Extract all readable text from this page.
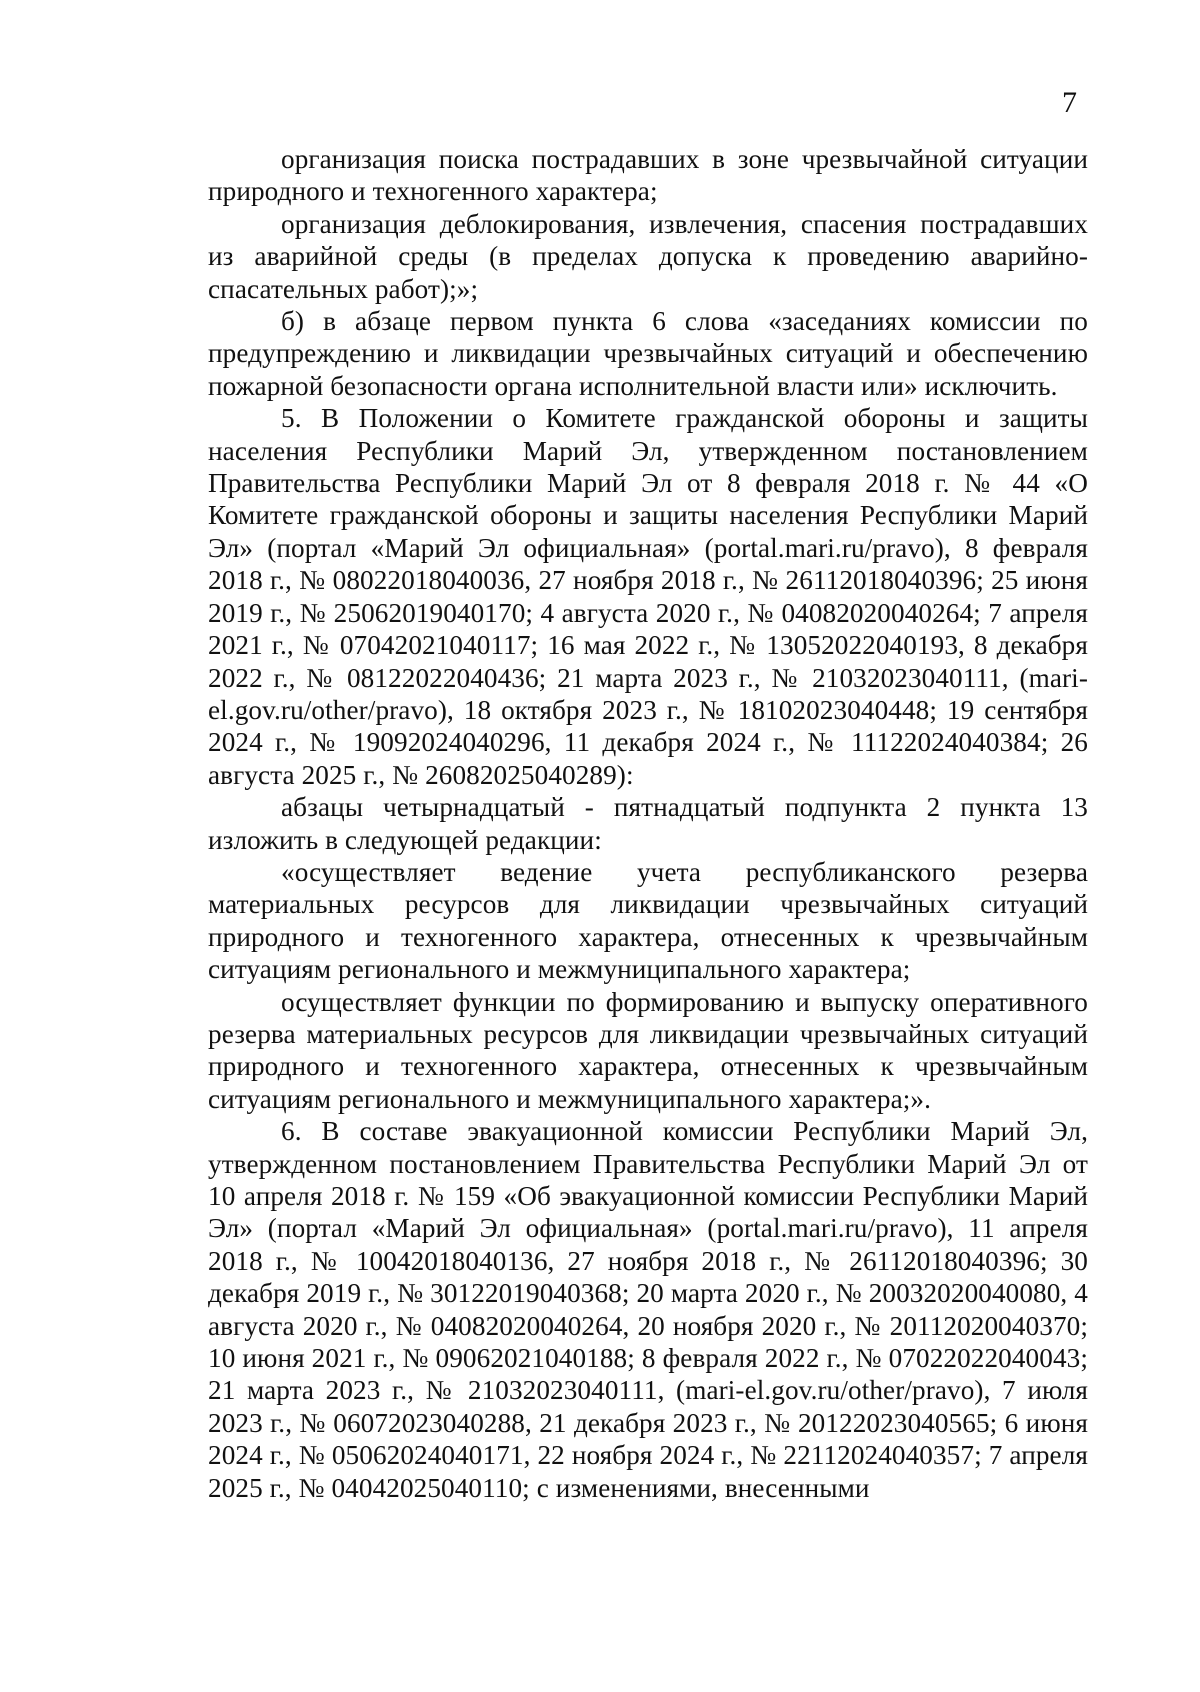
7

организация поиска пострадавших в зоне чрезвычайной ситуации природного и техногенного характера;

организация деблокирования, извлечения, спасения пострадавших из аварийной среды (в пределах допуска к проведению аварийно-спасательных работ);»;

б) в абзаце первом пункта 6 слова «заседаниях комиссии по предупреждению и ликвидации чрезвычайных ситуаций и обеспечению пожарной безопасности органа исполнительной власти или» исключить.

5. В Положении о Комитете гражданской обороны и защиты населения Республики Марий Эл, утвержденном постановлением Правительства Республики Марий Эл от 8 февраля 2018 г. № 44 «О Комитете гражданской обороны и защиты населения Республики Марий Эл» (портал «Марий Эл официальная» (portal.mari.ru/pravo), 8 февраля 2018 г., № 08022018040036, 27 ноября 2018 г., № 26112018040396; 25 июня 2019 г., № 25062019040170; 4 августа 2020 г., № 04082020040264; 7 апреля 2021 г., № 07042021040117; 16 мая 2022 г., № 13052022040193, 8 декабря 2022 г., № 08122022040436; 21 марта 2023 г., № 21032023040111, (mari-el.gov.ru/other/pravo), 18 октября 2023 г., № 18102023040448; 19 сентября 2024 г., № 19092024040296, 11 декабря 2024 г., № 11122024040384; 26 августа 2025 г., № 26082025040289):

абзацы четырнадцатый - пятнадцатый подпункта 2 пункта 13 изложить в следующей редакции:

«осуществляет ведение учета республиканского резерва материальных ресурсов для ликвидации чрезвычайных ситуаций природного и техногенного характера, отнесенных к чрезвычайным ситуациям регионального и межмуниципального характера;

осуществляет функции по формированию и выпуску оперативного резерва материальных ресурсов для ликвидации чрезвычайных ситуаций природного и техногенного характера, отнесенных к чрезвычайным ситуациям регионального и межмуниципального характера;».

6. В составе эвакуационной комиссии Республики Марий Эл, утвержденном постановлением Правительства Республики Марий Эл от 10 апреля 2018 г. № 159 «Об эвакуационной комиссии Республики Марий Эл» (портал «Марий Эл официальная» (portal.mari.ru/pravo), 11 апреля 2018 г., № 10042018040136, 27 ноября 2018 г., № 26112018040396; 30 декабря 2019 г., № 30122019040368; 20 марта 2020 г., № 20032020040080, 4 августа 2020 г., № 04082020040264, 20 ноября 2020 г., № 20112020040370; 10 июня 2021 г., № 09062021040188; 8 февраля 2022 г., № 07022022040043; 21 марта 2023 г., № 21032023040111, (mari-el.gov.ru/other/pravo), 7 июля 2023 г., № 06072023040288, 21 декабря 2023 г., № 20122023040565; 6 июня 2024 г., № 05062024040171, 22 ноября 2024 г., № 22112024040357; 7 апреля 2025 г., № 04042025040110; с изменениями, внесенными
